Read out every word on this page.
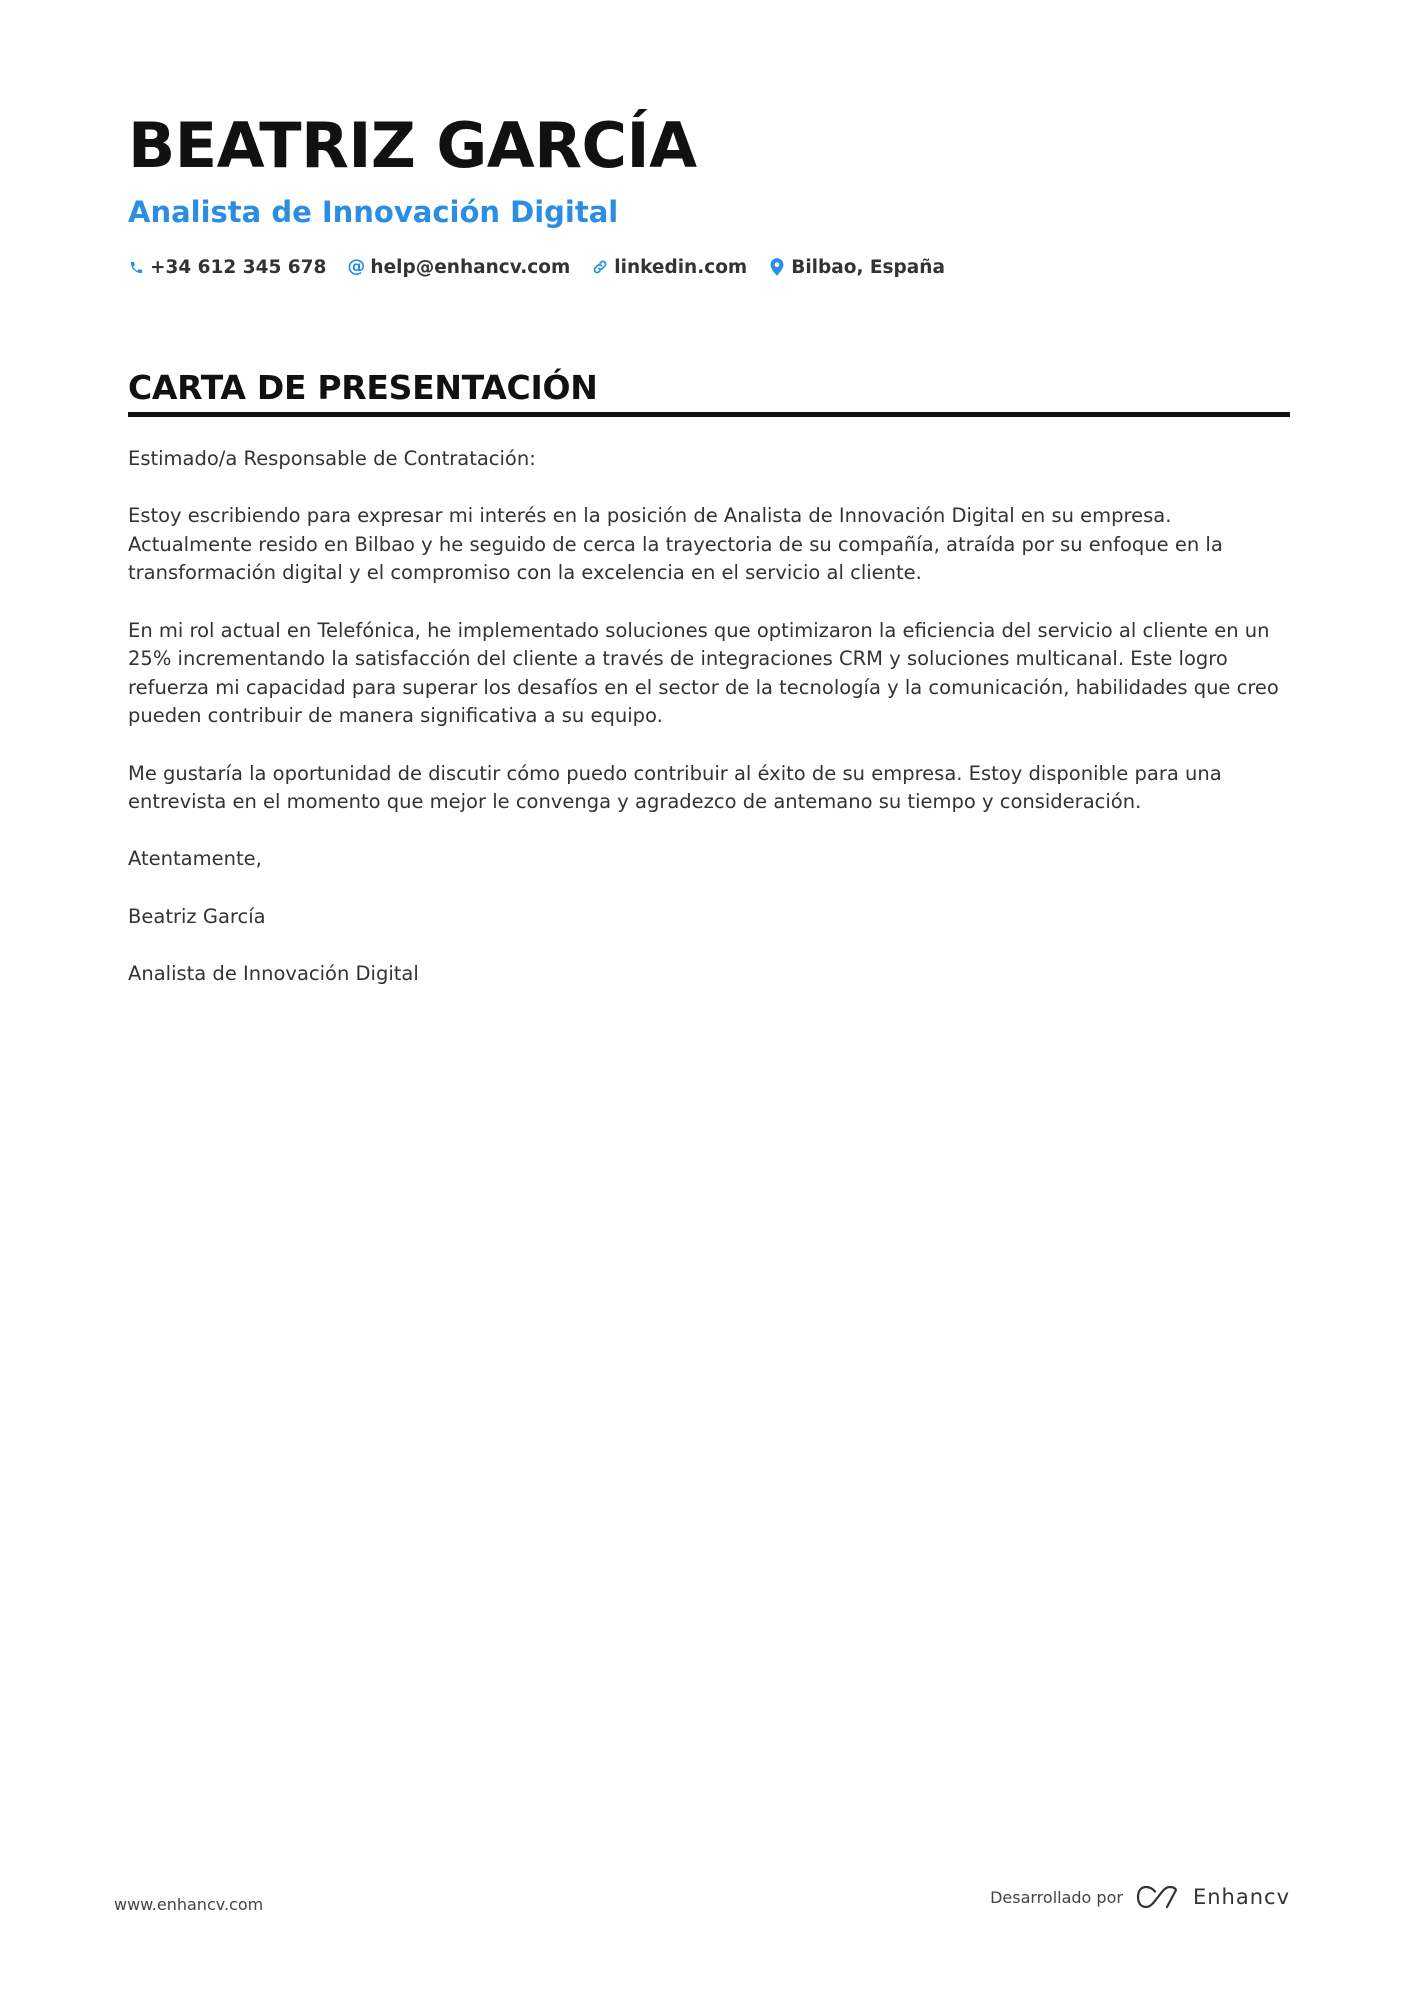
BEATRIZ GARCÍA
Analista de Innovación Digital
+34 612 345 678 @ help@enhancv.com linkedin.com Bilbao, España
CARTA DE PRESENTACIÓN

Estimado/a Responsable de Contratación:

Estoy escribiendo para expresar mi interés en la posición de Analista de Innovación Digital en su empresa. Actualmente resido en Bilbao y he seguido de cerca la trayectoria de su compañía, atraída por su enfoque en la transformación digital y el compromiso con la excelencia en el servicio al cliente.

En mi rol actual en Telefónica, he implementado soluciones que optimizaron la eficiencia del servicio al cliente en un 25% incrementando la satisfacción del cliente a través de integraciones CRM y soluciones multicanal. Este logro refuerza mi capacidad para superar los desafíos en el sector de la tecnología y la comunicación, habilidades que creo pueden contribuir de manera significativa a su equipo.

Me gustaría la oportunidad de discutir cómo puedo contribuir al éxito de su empresa. Estoy disponible para una entrevista en el momento que mejor le convenga y agradezco de antemano su tiempo y consideración.

Atentamente,

Beatriz García

Analista de Innovación Digital

www.enhancv.com	Desarrollado por	Enhancv
